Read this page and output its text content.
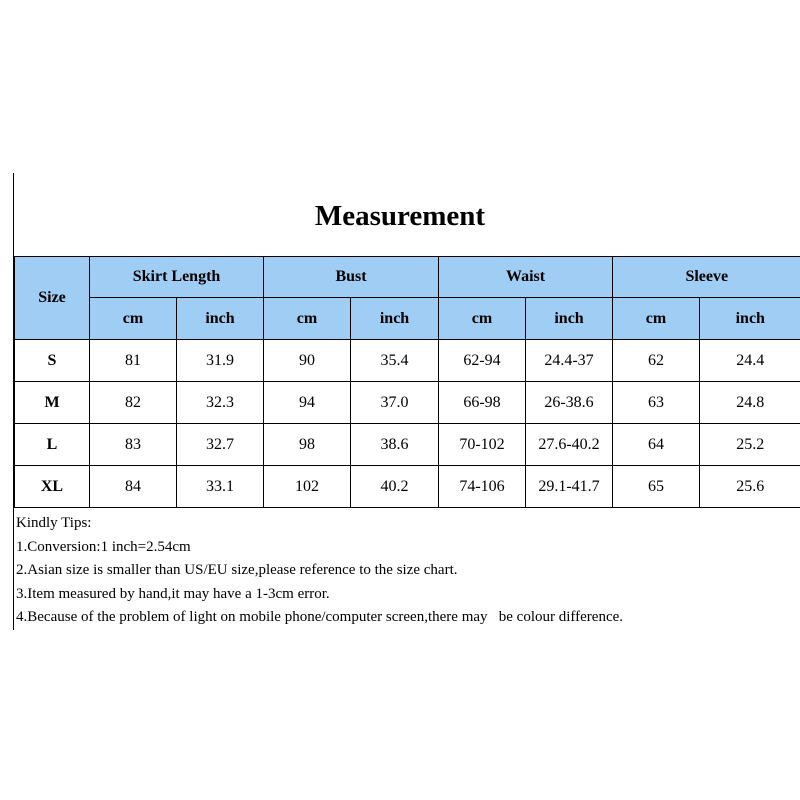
Measurement
Size	Skirt Length		Bust		Waist		Sleeve	
	cm	inch	cm	inch	cm	inch	cm	inch
S	81	31.9	90	35.4	62-94	24.4-37	62	24.4
M	82	32.3	94	37.0	66-98	26-38.6	63	24.8
L	83	32.7	98	38.6	70-102	27.6-40.2	64	25.2
XL	84	33.1	102	40.2	74-106	29.1-41.7	65	25.6
Kindly Tips:
1.Conversion:1 inch=2.54cm
2.Asian size is smaller than US/EU size,please reference to the size chart.
3.Item measured by hand,it may have a 1-3cm error.
4.Because of the problem of light on mobile phone/computer screen,there may   be colour difference.
